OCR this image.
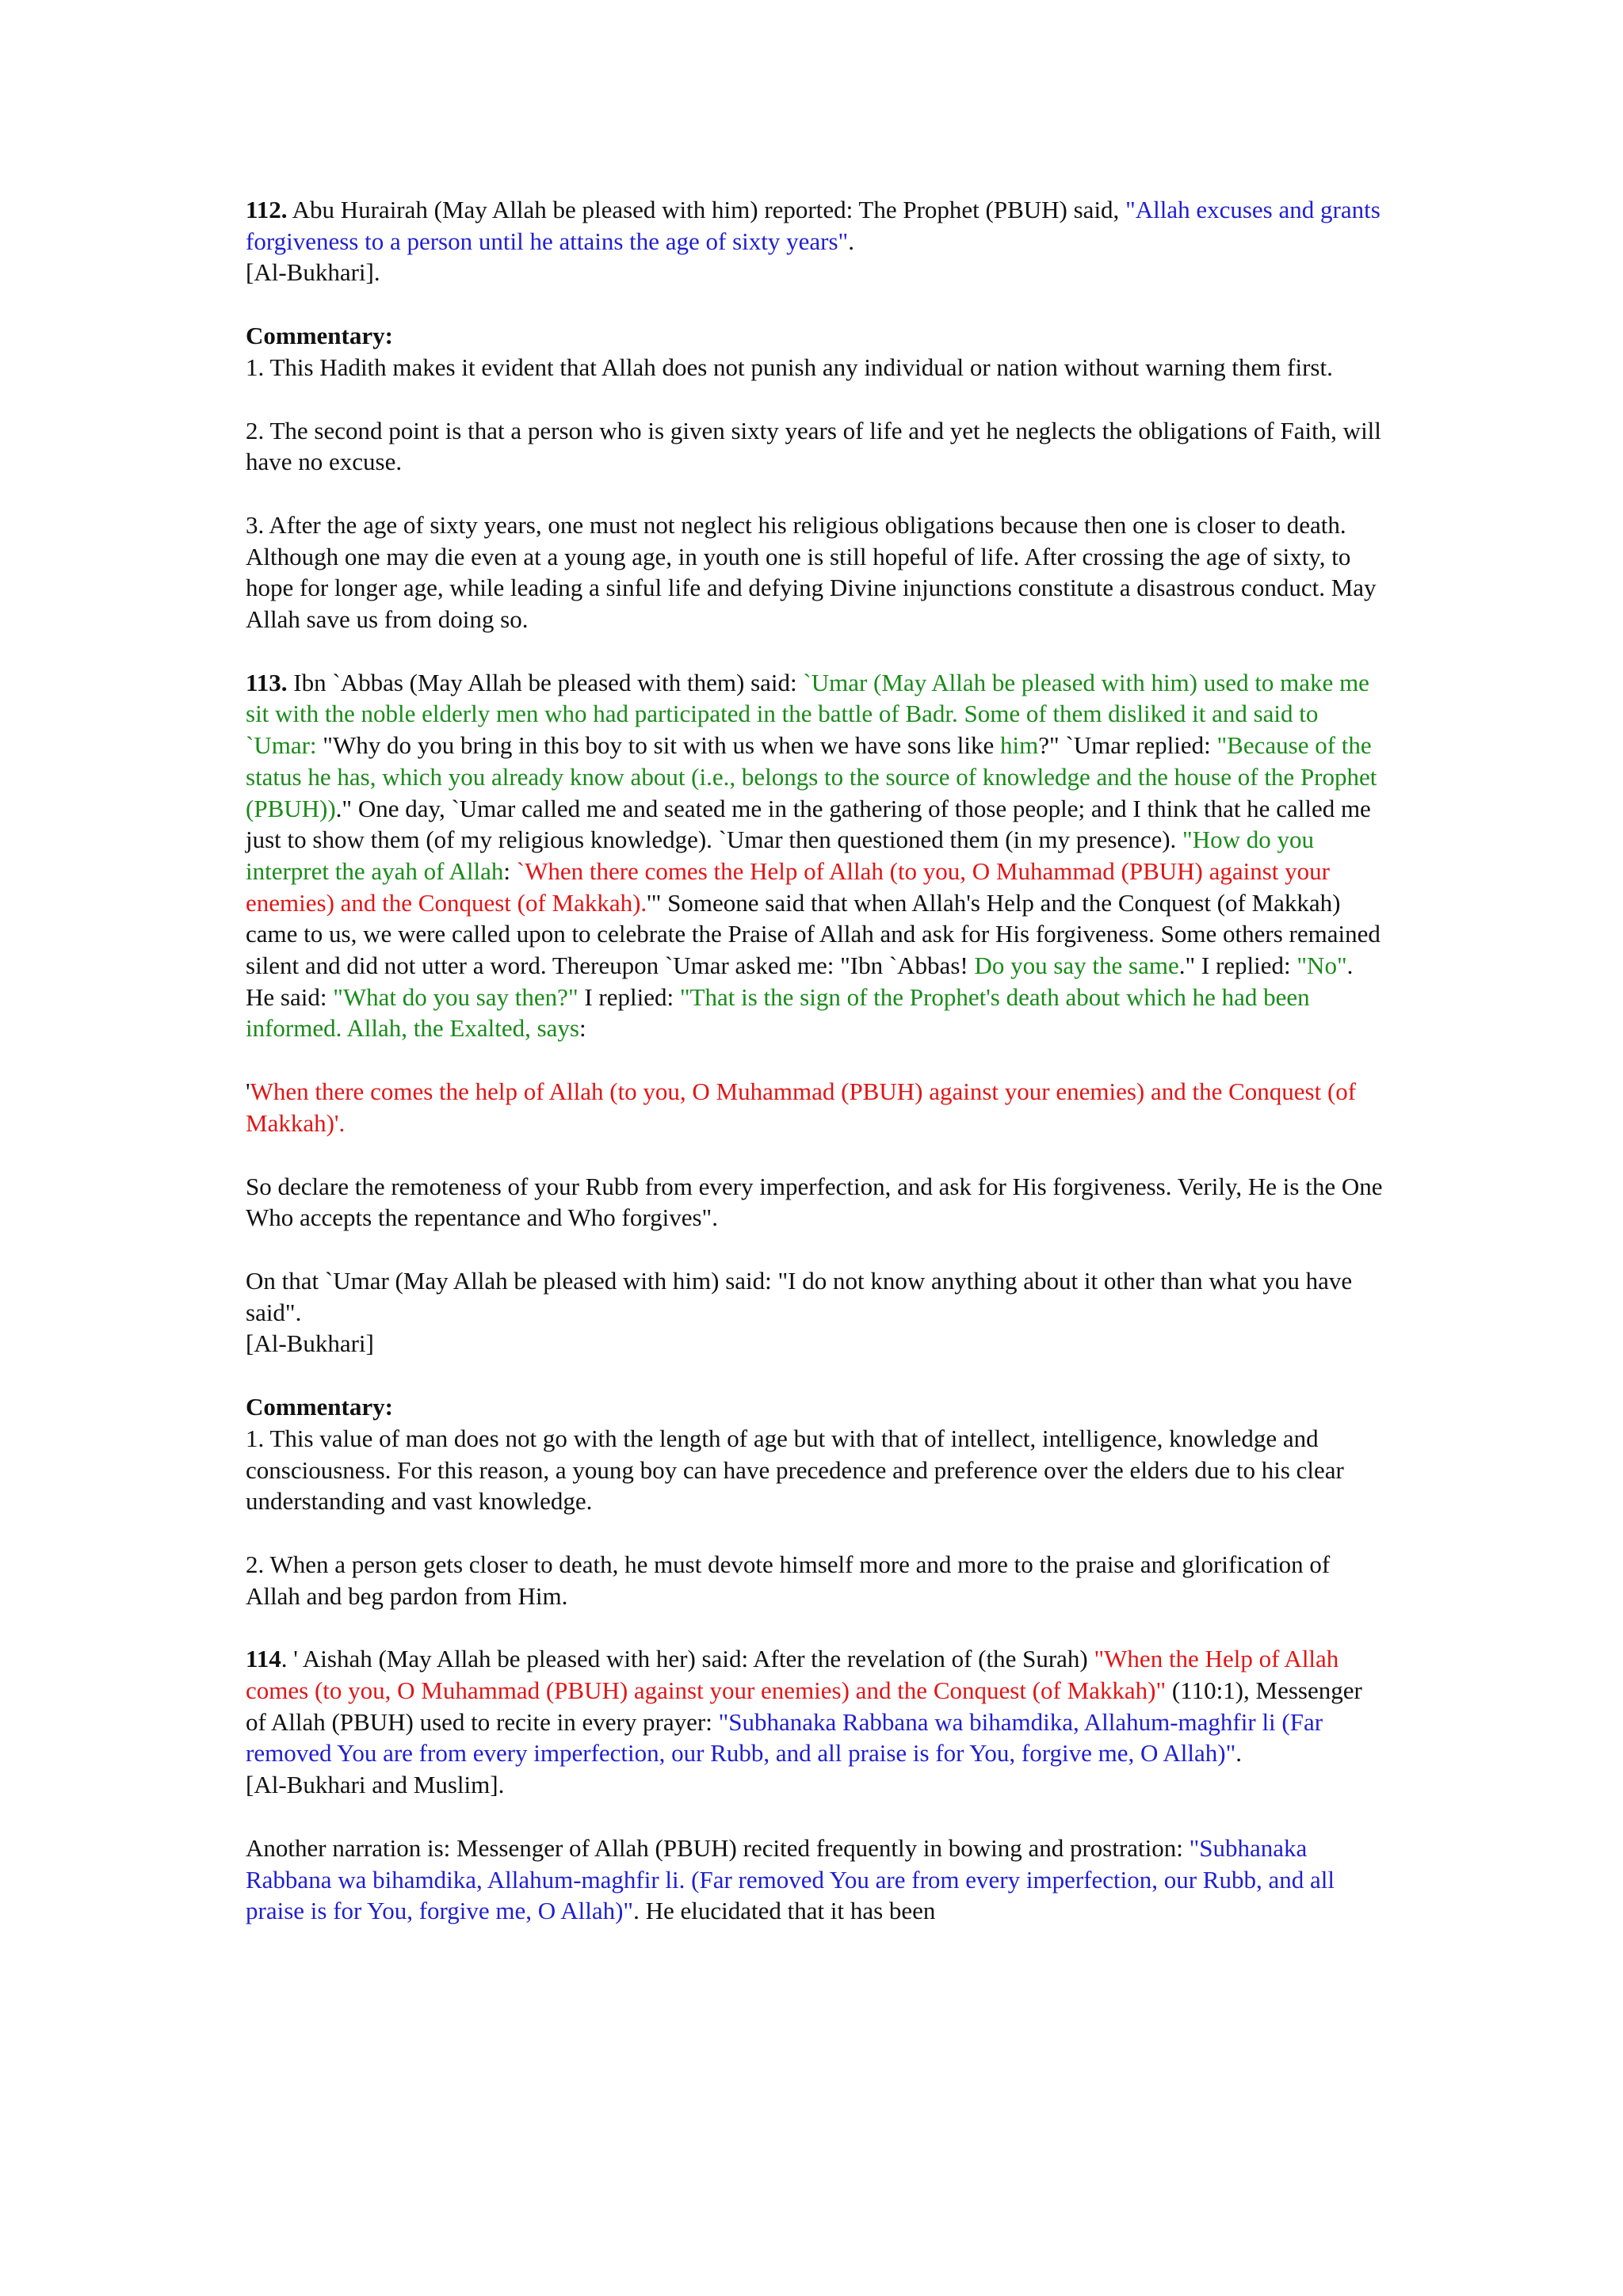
112. Abu Hurairah (May Allah be pleased with him) reported: The Prophet (PBUH) said, "Allah excuses and grants forgiveness to a person until he attains the age of sixty years".

[Al-Bukhari].

Commentary:

1. This Hadith makes it evident that Allah does not punish any individual or nation without warning them first.

2. The second point is that a person who is given sixty years of life and yet he neglects the obligations of Faith, will have no excuse.

3. After the age of sixty years, one must not neglect his religious obligations because then one is closer to death. Although one may die even at a young age, in youth one is still hopeful of life. After crossing the age of sixty, to hope for longer age, while leading a sinful life and defying Divine injunctions constitute a disastrous conduct. May Allah save us from doing so.

113. Ibn `Abbas (May Allah be pleased with them) said: `Umar (May Allah be pleased with him) used to make me sit with the noble elderly men who had participated in the battle of Badr. Some of them disliked it and said to `Umar: "Why do you bring in this boy to sit with us when we have sons like him?" `Umar replied: "Because of the status he has, which you already know about (i.e., belongs to the source of knowledge and the house of the Prophet (PBUH))." One day, `Umar called me and seated me in the gathering of those people; and I think that he called me just to show them (of my religious knowledge). `Umar then questioned them (in my presence). "How do you interpret the ayah of Allah: `When there comes the Help of Allah (to you, O Muhammad (PBUH) against your enemies) and the Conquest (of Makkah).'" Someone said that when Allah's Help and the Conquest (of Makkah) came to us, we were called upon to celebrate the Praise of Allah and ask for His forgiveness. Some others remained silent and did not utter a word. Thereupon `Umar asked me: "Ibn `Abbas! Do you say the same." I replied: "No". He said: "What do you say then?" I replied: "That is the sign of the Prophet's death about which he had been informed. Allah, the Exalted, says:

'When there comes the help of Allah (to you, O Muhammad (PBUH) against your enemies) and the Conquest (of Makkah)'.

So declare the remoteness of your Rubb from every imperfection, and ask for His forgiveness. Verily, He is the One Who accepts the repentance and Who forgives".

On that `Umar (May Allah be pleased with him) said: "I do not know anything about it other than what you have said".

[Al-Bukhari]

Commentary:

1. This value of man does not go with the length of age but with that of intellect, intelligence, knowledge and consciousness. For this reason, a young boy can have precedence and preference over the elders due to his clear understanding and vast knowledge.

2. When a person gets closer to death, he must devote himself more and more to the praise and glorification of Allah and beg pardon from Him.

114. ' Aishah (May Allah be pleased with her) said: After the revelation of (the Surah) "When the Help of Allah comes (to you, O Muhammad (PBUH) against your enemies) and the Conquest (of Makkah)" (110:1), Messenger of Allah (PBUH) used to recite in every prayer: "Subhanaka Rabbana wa bihamdika, Allahum-maghfir li (Far removed You are from every imperfection, our Rubb, and all praise is for You, forgive me, O Allah)".

[Al-Bukhari and Muslim].

Another narration is: Messenger of Allah (PBUH) recited frequently in bowing and prostration: "Subhanaka Rabbana wa bihamdika, Allahum-maghfir li. (Far removed You are from every imperfection, our Rubb, and all praise is for You, forgive me, O Allah)". He elucidated that it has been
